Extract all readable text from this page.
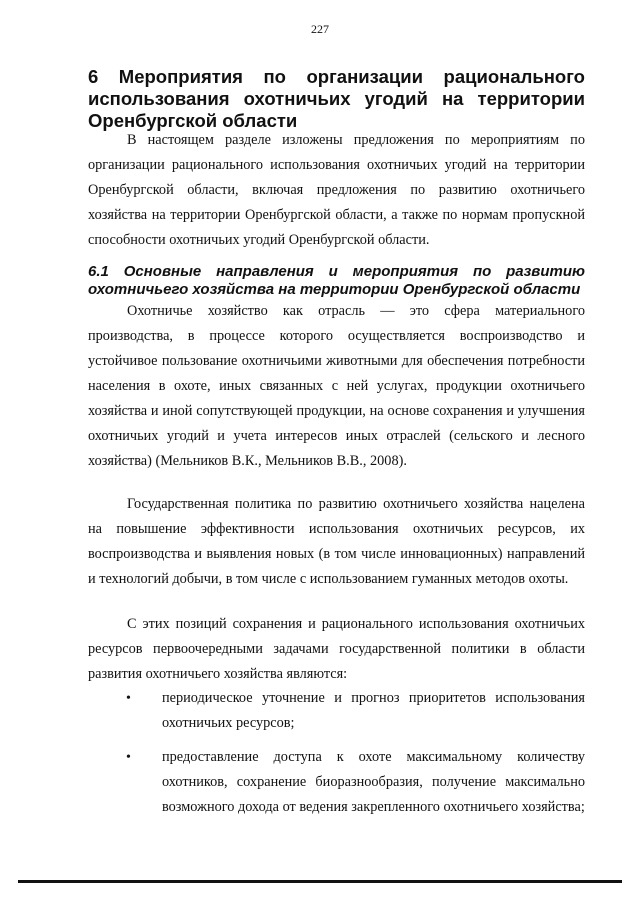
227
6 Мероприятия по организации рационального использования охотничьих угодий на территории Оренбургской области

В настоящем разделе изложены предложения по мероприятиям по организации рационального использования охотничьих угодий на территории Оренбургской области, включая предложения по развитию охотничьего хозяйства на территории Оренбургской области, а также по нормам пропускной способности охотничьих угодий Оренбургской области.

6.1 Основные направления и мероприятия по развитию охотничьего хозяйства на территории Оренбургской области

Охотничье хозяйство как отрасль — это сфера материального производства, в процессе которого осуществляется воспроизводство и устойчивое пользование охотничьими животными для обеспечения потребности населения в охоте, иных связанных с ней услугах, продукции охотничьего хозяйства и иной сопутствующей продукции, на основе сохранения и улучшения охотничьих угодий и учета интересов иных отраслей (сельского и лесного хозяйства) (Мельников В.К., Мельников В.В., 2008).

Государственная политика по развитию охотничьего хозяйства нацелена на повышение эффективности использования охотничьих ресурсов, их воспроизводства и выявления новых (в том числе инновационных) направлений и технологий добычи, в том числе с использованием гуманных методов охоты.

С этих позиций сохранения и рационального использования охотничьих ресурсов первоочередными задачами государственной политики в области развития охотничьего хозяйства являются:

• периодическое уточнение и прогноз приоритетов использования охотничьих ресурсов;
• предоставление доступа к охоте максимальному количеству охотников, сохранение биоразнообразия, получение максимально возможного дохода от ведения закрепленного охотничьего хозяйства;
